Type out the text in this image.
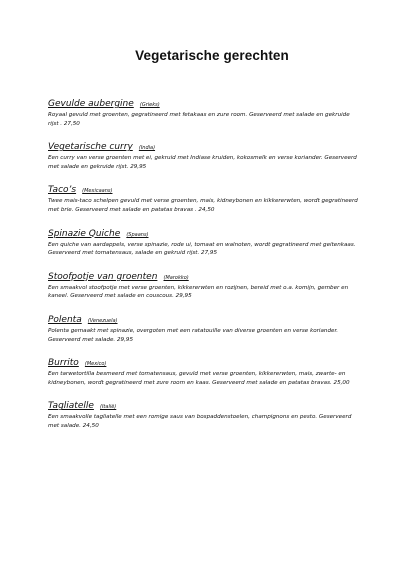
Vegetarische gerechten
Gevulde aubergine (Grieks)

Royaal gevuld met groenten, gegratineerd met fetakaas en zure room. Geserveerd met salade en gekruide rijst . 27,50

Vegetarische curry (India)

Een curry van verse groenten met ei, gekruid met Indiase kruiden, kokosmelk en verse koriander. Geserveerd met salade en gekruide rijst. 29,95

Taco’s (Mexicaans)

Twee mais-taco schelpen gevuld met verse groenten, mais, kidneybonen en kikkererwten, wordt gegratineerd met brie. Geserveerd met salade en patatas bravas . 24,50

Spinazie Quiche (Spaans)

Een quiche van aardappels, verse spinazie, rode ui, tomaat en walnoten, wordt gegratineerd met geitenkaas. Geserveerd met tomatensaus, salade en gekruid rijst. 27,95

Stoofpotje van groenten (Marokko)

Een smaakvol stoofpotje met verse groenten, kikkererwten en rozijnen, bereid met o.a. komijn, gember en kaneel. Geserveerd met salade en couscous. 29,95

Polenta (Venezuela)

Polenta gemaakt met spinazie, overgoten met een ratatouille van diverse groenten en verse koriander. Geserveerd met salade. 29,95

Burrito (Mexico)

Een tarwetortilla besmeerd met tomatensaus, gevuld met verse groenten, kikkererwten, mais, zwarte- en kidneybonen, wordt gegratineerd met zure room en kaas. Geserveerd met salade en patatas bravas. 25,00

Tagliatelle (Italië)

Een smaakvolle tagliatelle met een romige saus van bospaddenstoelen, champignons en pesto. Geserveerd met salade. 24,50
